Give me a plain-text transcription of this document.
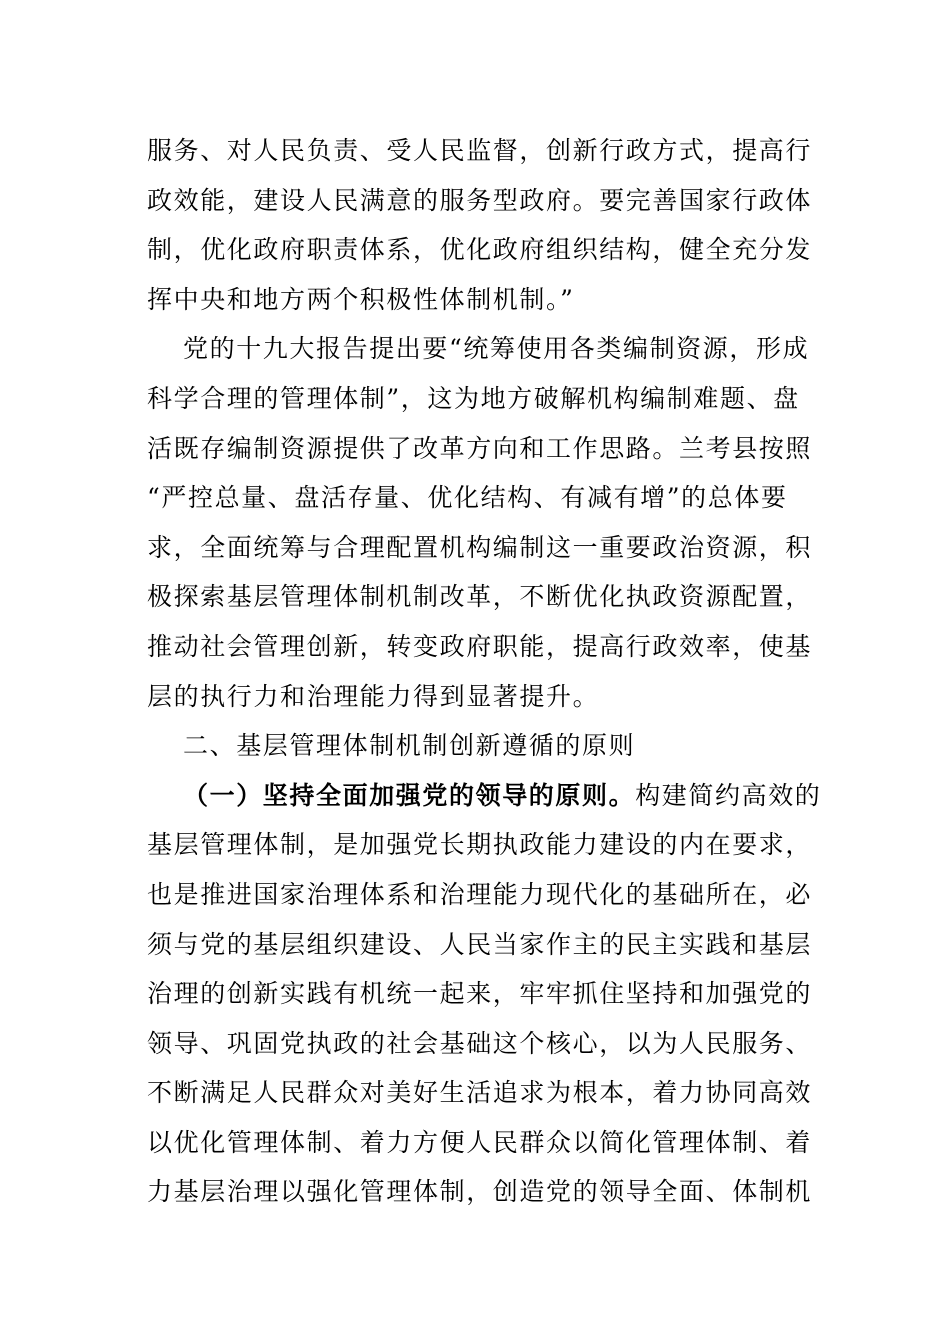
服务、对人民负责、受人民监督，创新行政方式，提高行
政效能，建设人民满意的服务型政府。要完善国家行政体
制，优化政府职责体系，优化政府组织结构，健全充分发
挥中央和地方两个积极性体制机制。”
党的十九大报告提出要“统筹使用各类编制资源，形成
科学合理的管理体制”，这为地方破解机构编制难题、盘
活既存编制资源提供了改革方向和工作思路。兰考县按照
“严控总量、盘活存量、优化结构、有减有增”的总体要
求，全面统筹与合理配置机构编制这一重要政治资源，积
极探索基层管理体制机制改革，不断优化执政资源配置，
推动社会管理创新，转变政府职能，提高行政效率，使基
层的执行力和治理能力得到显著提升。
二、基层管理体制机制创新遵循的原则
（一）坚持全面加强党的领导的原则。构建简约高效的
基层管理体制，是加强党长期执政能力建设的内在要求，
也是推进国家治理体系和治理能力现代化的基础所在，必
须与党的基层组织建设、人民当家作主的民主实践和基层
治理的创新实践有机统一起来，牢牢抓住坚持和加强党的
领导、巩固党执政的社会基础这个核心，以为人民服务、
不断满足人民群众对美好生活追求为根本，着力协同高效
以优化管理体制、着力方便人民群众以简化管理体制、着
力基层治理以强化管理体制，创造党的领导全面、体制机
